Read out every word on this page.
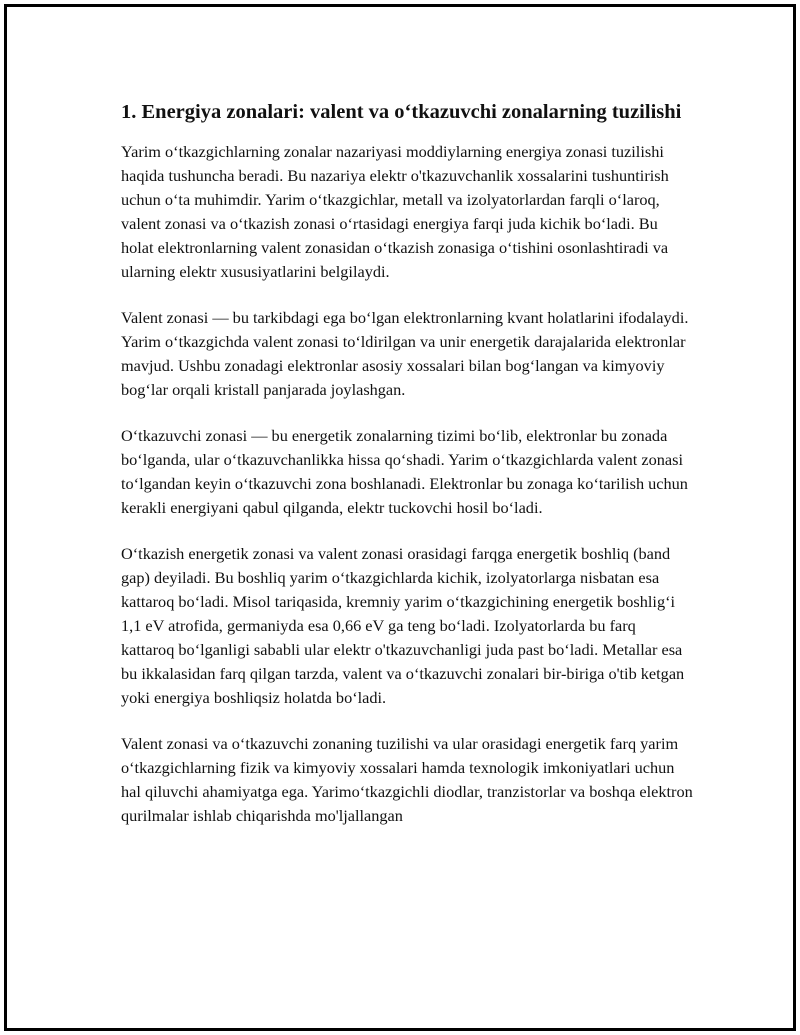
1. Energiya zonalari: valent va o‘tkazuvchi zonalarning tuzilishi

Yarim o‘tkazgichlarning zonalar nazariyasi moddiylarning energiya zonasi tuzilishi haqida tushuncha beradi. Bu nazariya elektr o'tkazuvchanlik xossalarini tushuntirish uchun o‘ta muhimdir. Yarim o‘tkazgichlar, metall va izolyatorlardan farqli o‘laroq, valent zonasi va o‘tkazish zonasi o‘rtasidagi energiya farqi juda kichik bo‘ladi. Bu holat elektronlarning valent zonasidan o‘tkazish zonasiga o‘tishini osonlashtiradi va ularning elektr xususiyatlarini belgilaydi.

Valent zonasi — bu tarkibdagi ega bo‘lgan elektronlarning kvant holatlarini ifodalaydi. Yarim o‘tkazgichda valent zonasi to‘ldirilgan va unir energetik darajalarida elektronlar mavjud. Ushbu zonadagi elektronlar asosiy xossalari bilan bog‘langan va kimyoviy bog‘lar orqali kristall panjarada joylashgan.

O‘tkazuvchi zonasi — bu energetik zonalarning tizimi bo‘lib, elektronlar bu zonada bo‘lganda, ular o‘tkazuvchanlikka hissa qo‘shadi. Yarim o‘tkazgichlarda valent zonasi to‘lgandan keyin o‘tkazuvchi zona boshlanadi. Elektronlar bu zonaga ko‘tarilish uchun kerakli energiyani qabul qilganda, elektr tuckovchi hosil bo‘ladi.

O‘tkazish energetik zonasi va valent zonasi orasidagi farqga energetik boshliq (band gap) deyiladi. Bu boshliq yarim o‘tkazgichlarda kichik, izolyatorlarga nisbatan esa kattaroq bo‘ladi. Misol tariqasida, kremniy yarim o‘tkazgichining energetik boshlig‘i 1,1 eV atrofida, germaniyda esa 0,66 eV ga teng bo‘ladi. Izolyatorlarda bu farq kattaroq bo‘lganligi sababli ular elektr o'tkazuvchanligi juda past bo‘ladi. Metallar esa bu ikkalasidan farq qilgan tarzda, valent va o‘tkazuvchi zonalari bir-biriga o'tib ketgan yoki energiya boshliqsiz holatda bo‘ladi.

Valent zonasi va o‘tkazuvchi zonaning tuzilishi va ular orasidagi energetik farq yarim o‘tkazgichlarning fizik va kimyoviy xossalari hamda texnologik imkoniyatlari uchun hal qiluvchi ahamiyatga ega. Yarimo‘tkazgichli diodlar, tranzistorlar va boshqa elektron qurilmalar ishlab chiqarishda mo'ljallangan
